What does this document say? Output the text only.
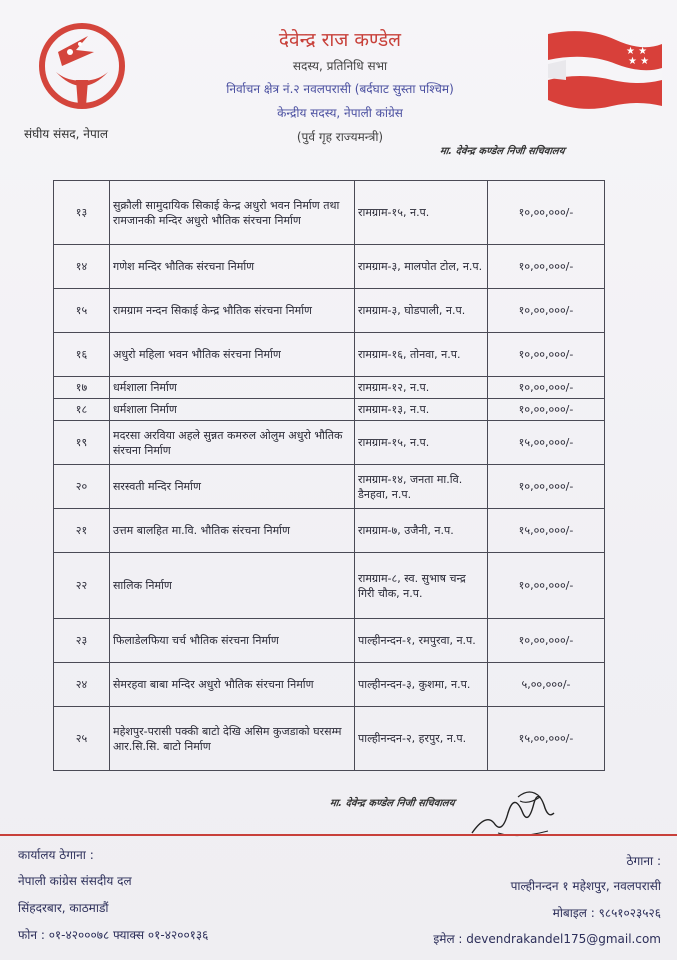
संघीय संसद, नेपाल
देवेन्द्र राज कण्डेल
सदस्य, प्रतिनिधि सभा
निर्वाचन क्षेत्र नं.२ नवलपरासी (बर्दघाट सुस्ता पश्चिम)
केन्द्रीय सदस्य, नेपाली कांग्रेस
(पुर्व गृह राज्यमन्त्री)
★ ★
★ ★
मा. देवेन्द्र कण्डेल निजी सचिवालय
१३	सुक्रौली सामुदायिक सिकाई केन्द्र अधुरो भवन निर्माण तथा रामजानकी मन्दिर अधुरो भौतिक संरचना निर्माण	रामग्राम-१५, न.प.	१०,००,०००/-
१४	गणेश मन्दिर भौतिक संरचना निर्माण	रामग्राम-३, मालपोत टोल, न.प.	१०,००,०००/-
१५	रामग्राम नन्दन सिकाई केन्द्र भौतिक संरचना निर्माण	रामग्राम-३, घोडपाली, न.प.	१०,००,०००/-
१६	अधुरो महिला भवन भौतिक संरचना निर्माण	रामग्राम-१६, तोनवा, न.प.	१०,००,०००/-
१७	धर्मशाला निर्माण	रामग्राम-१२, न.प.	१०,००,०००/-
१८	धर्मशाला निर्माण	रामग्राम-१३, न.प.	१०,००,०००/-
१९	मदरसा अरविया अहले सुन्नत कमरुल ओलुम अधुरो भौतिक संरचना निर्माण	रामग्राम-१५, न.प.	१५,००,०००/-
२०	सरस्वती मन्दिर निर्माण	रामग्राम-१४, जनता मा.वि. डैनहवा, न.प.	१०,००,०००/-
२१	उत्तम बालहित मा.वि. भौतिक संरचना निर्माण	रामग्राम-७, उजैनी, न.प.	१५,००,०००/-
२२	सालिक निर्माण	रामग्राम-८, स्व. सुभाष चन्द्र गिरी चौक, न.प.	१०,००,०००/-
२३	फिलाडेलफिया चर्च भौतिक संरचना निर्माण	पाल्हीनन्दन-१, रमपुरवा, न.प.	१०,००,०००/-
२४	सेमरहवा बाबा मन्दिर अधुरो भौतिक संरचना निर्माण	पाल्हीनन्दन-३, कुशमा, न.प.	५,००,०००/-
२५	महेशपुर-परासी पक्की बाटो देखि असिम कुजडाको घरसम्म आर.सि.सि. बाटो निर्माण	पाल्हीनन्दन-२, हरपुर, न.प.	१५,००,०००/-
मा. देवेन्द्र कण्डेल निजी सचिवालय
कार्यालय ठेगाना :
नेपाली कांग्रेस संसदीय दल
सिंहदरबार, काठमाडौं
फोन : ०१-४२०००७८ फ्याक्स ०१-४२००१३६
ठेगाना :
पाल्हीनन्दन १ महेशपुर, नवलपरासी
मोबाइल : ९८५१०२३५२६
इमेल : devendrakandel175@gmail.com
